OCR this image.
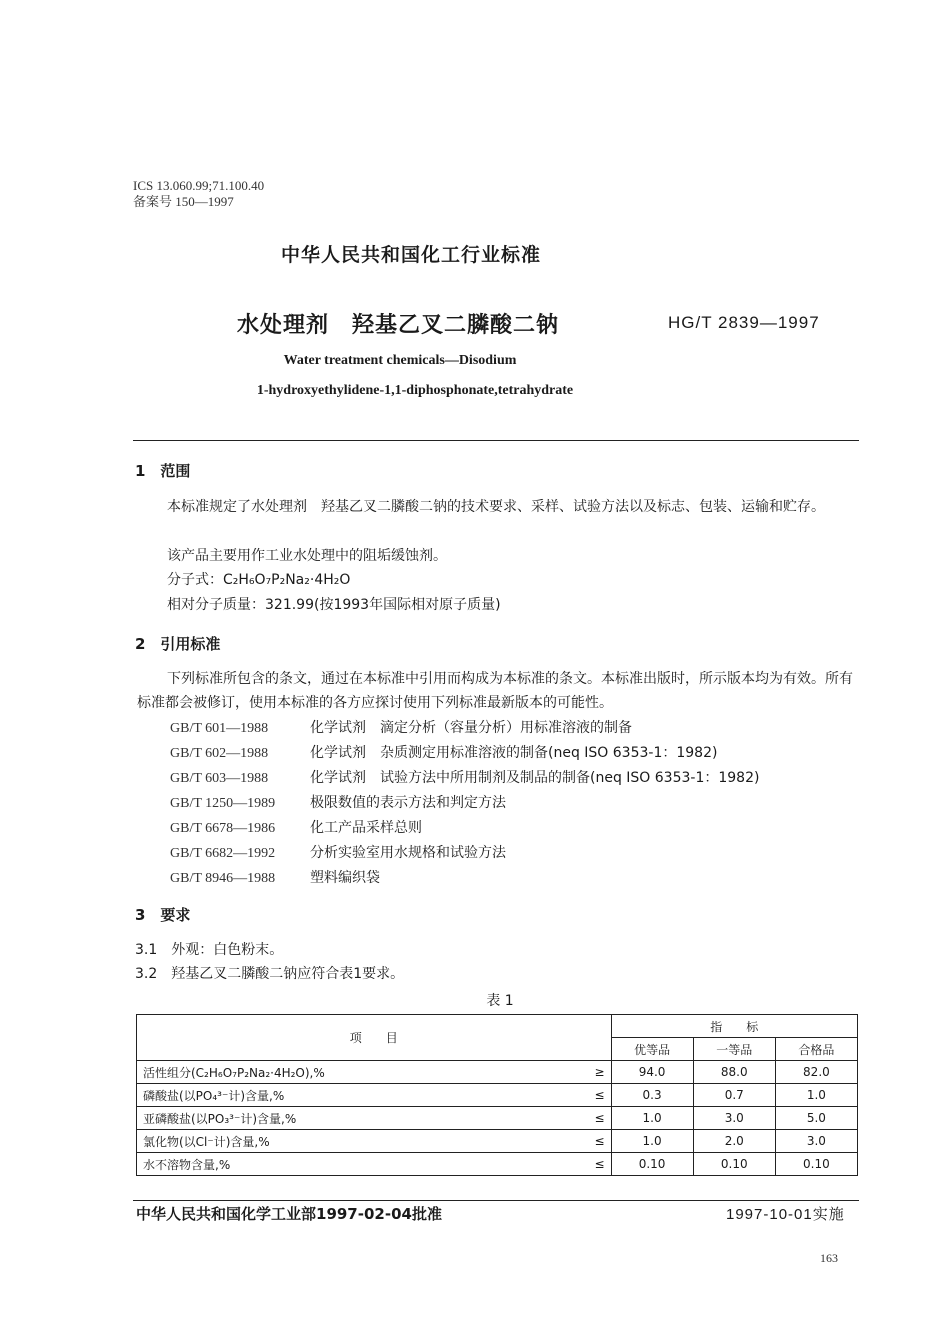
ICS 13.060.99;71.100.40
备案号 150—1997
中华人民共和国化工行业标准
水处理剂　羟基乙叉二膦酸二钠	HG/T 2839—1997
Water treatment chemicals—Disodium
1-hydroxyethylidene-1,1-diphosphonate,tetrahydrate
1　范围
本标准规定了水处理剂　羟基乙叉二膦酸二钠的技术要求、采样、试验方法以及标志、包装、运输和贮存。
该产品主要用作工业水处理中的阻垢缓蚀剂。
分子式：C₂H₆O₇P₂Na₂·4H₂O
相对分子质量：321.99(按1993年国际相对原子质量)
2　引用标准
下列标准所包含的条文，通过在本标准中引用而构成为本标准的条文。本标准出版时，所示版本均为有效。所有标准都会被修订，使用本标准的各方应探讨使用下列标准最新版本的可能性。
GB/T 601—1988	化学试剂　滴定分析（容量分析）用标准溶液的制备
GB/T 602—1988	化学试剂　杂质测定用标准溶液的制备(neq ISO 6353-1：1982)
GB/T 603—1988	化学试剂　试验方法中所用制剂及制品的制备(neq ISO 6353-1：1982)
GB/T 1250—1989 极限数值的表示方法和判定方法
GB/T 6678—1986 化工产品采样总则
GB/T 6682—1992 分析实验室用水规格和试验方法
GB/T 8946—1988 塑料编织袋
3　要求
3.1　外观：白色粉末。
3.2　羟基乙叉二膦酸二钠应符合表1要求。
表 1
项　　目		指　　标		
		优等品	一等品	合格品
活性组分(C₂H₆O₇P₂Na₂·4H₂O),%	≥	94.0	88.0	82.0
磷酸盐(以PO₄³⁻计)含量,%	≤	0.3	0.7	1.0
亚磷酸盐(以PO₃³⁻计)含量,%	≤	1.0	3.0	5.0
氯化物(以Cl⁻计)含量,%	≤	1.0	2.0	3.0
水不溶物含量,%	≤	0.10	0.10	0.10
中华人民共和国化学工业部1997-02-04批准	1997-10-01实施
163
